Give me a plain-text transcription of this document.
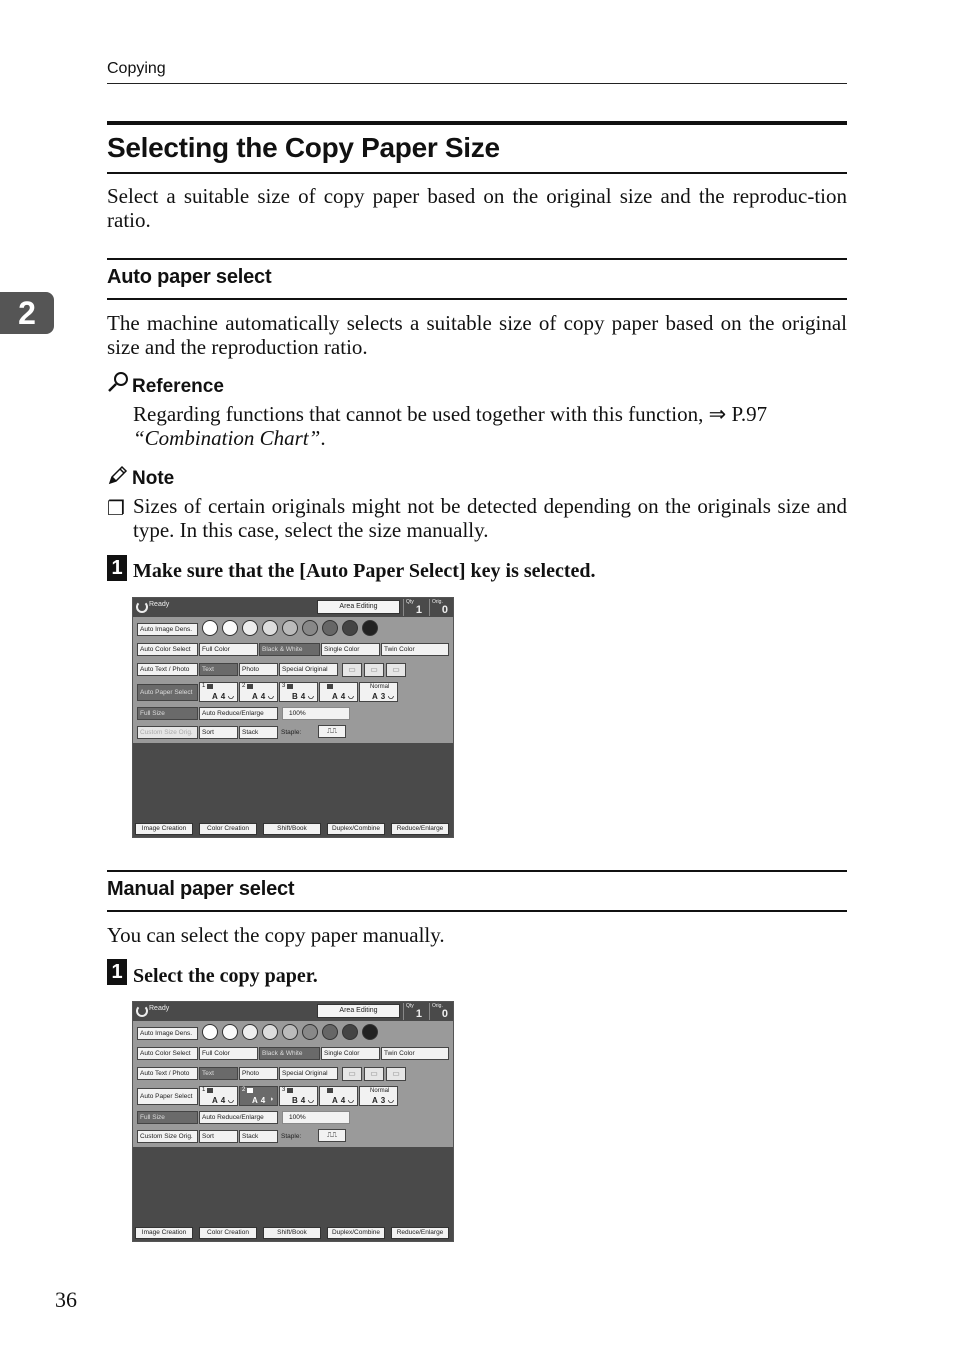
Copying
2
Selecting the Copy Paper Size
Select a suitable size of copy paper based on the original size and the reproduc-tion ratio.
Auto paper select
The machine automatically selects a suitable size of copy paper based on the original size and the reproduction ratio.
Reference
Regarding functions that cannot be used together with this function, ⇒ P.97
“Combination Chart”.
Note
❐ Sizes of certain originals might not be detected depending on the originals size and type. In this case, select the size manually.
1 Make sure that the [Auto Paper Select] key is selected.
Ready	Area Editing
Qty
1
Orig.
0
Auto Image Dens.
Auto Color Select	Full Color	Black & White	Single Color	Twin Color
Auto Text / Photo	Text	Photo	Special Original	▭	▭	▭
Auto Paper Select
1
A4 ◡
2
A4 ◡
3
B4 ◡ A4 ◡
Normal
A3 ◡
Full Size	Auto Reduce/Enlarge	100%
Custom Size Orig.	Sort	Stack	Staple:	⎍⎍
Image Creation	Color Creation	Shift/Book	Duplex/Combine	Reduce/Enlarge
Manual paper select
You can select the copy paper manually.
1 Select the copy paper.
Ready	Area Editing
Qty
1
Orig.
0
Auto Image Dens.
Auto Color Select	Full Color	Black & White	Single Color	Twin Color
Auto Text / Photo	Text	Photo	Special Original	▭	▭	▭
Auto Paper Select
1
A4 ◡
2
A4 ◗
3
B4 ◡ A4 ◡
Normal
A3 ◡
Full Size	Auto Reduce/Enlarge	100%
Custom Size Orig.	Sort	Stack	Staple:	⎍⎍
Image Creation	Color Creation	Shift/Book	Duplex/Combine	Reduce/Enlarge
36
